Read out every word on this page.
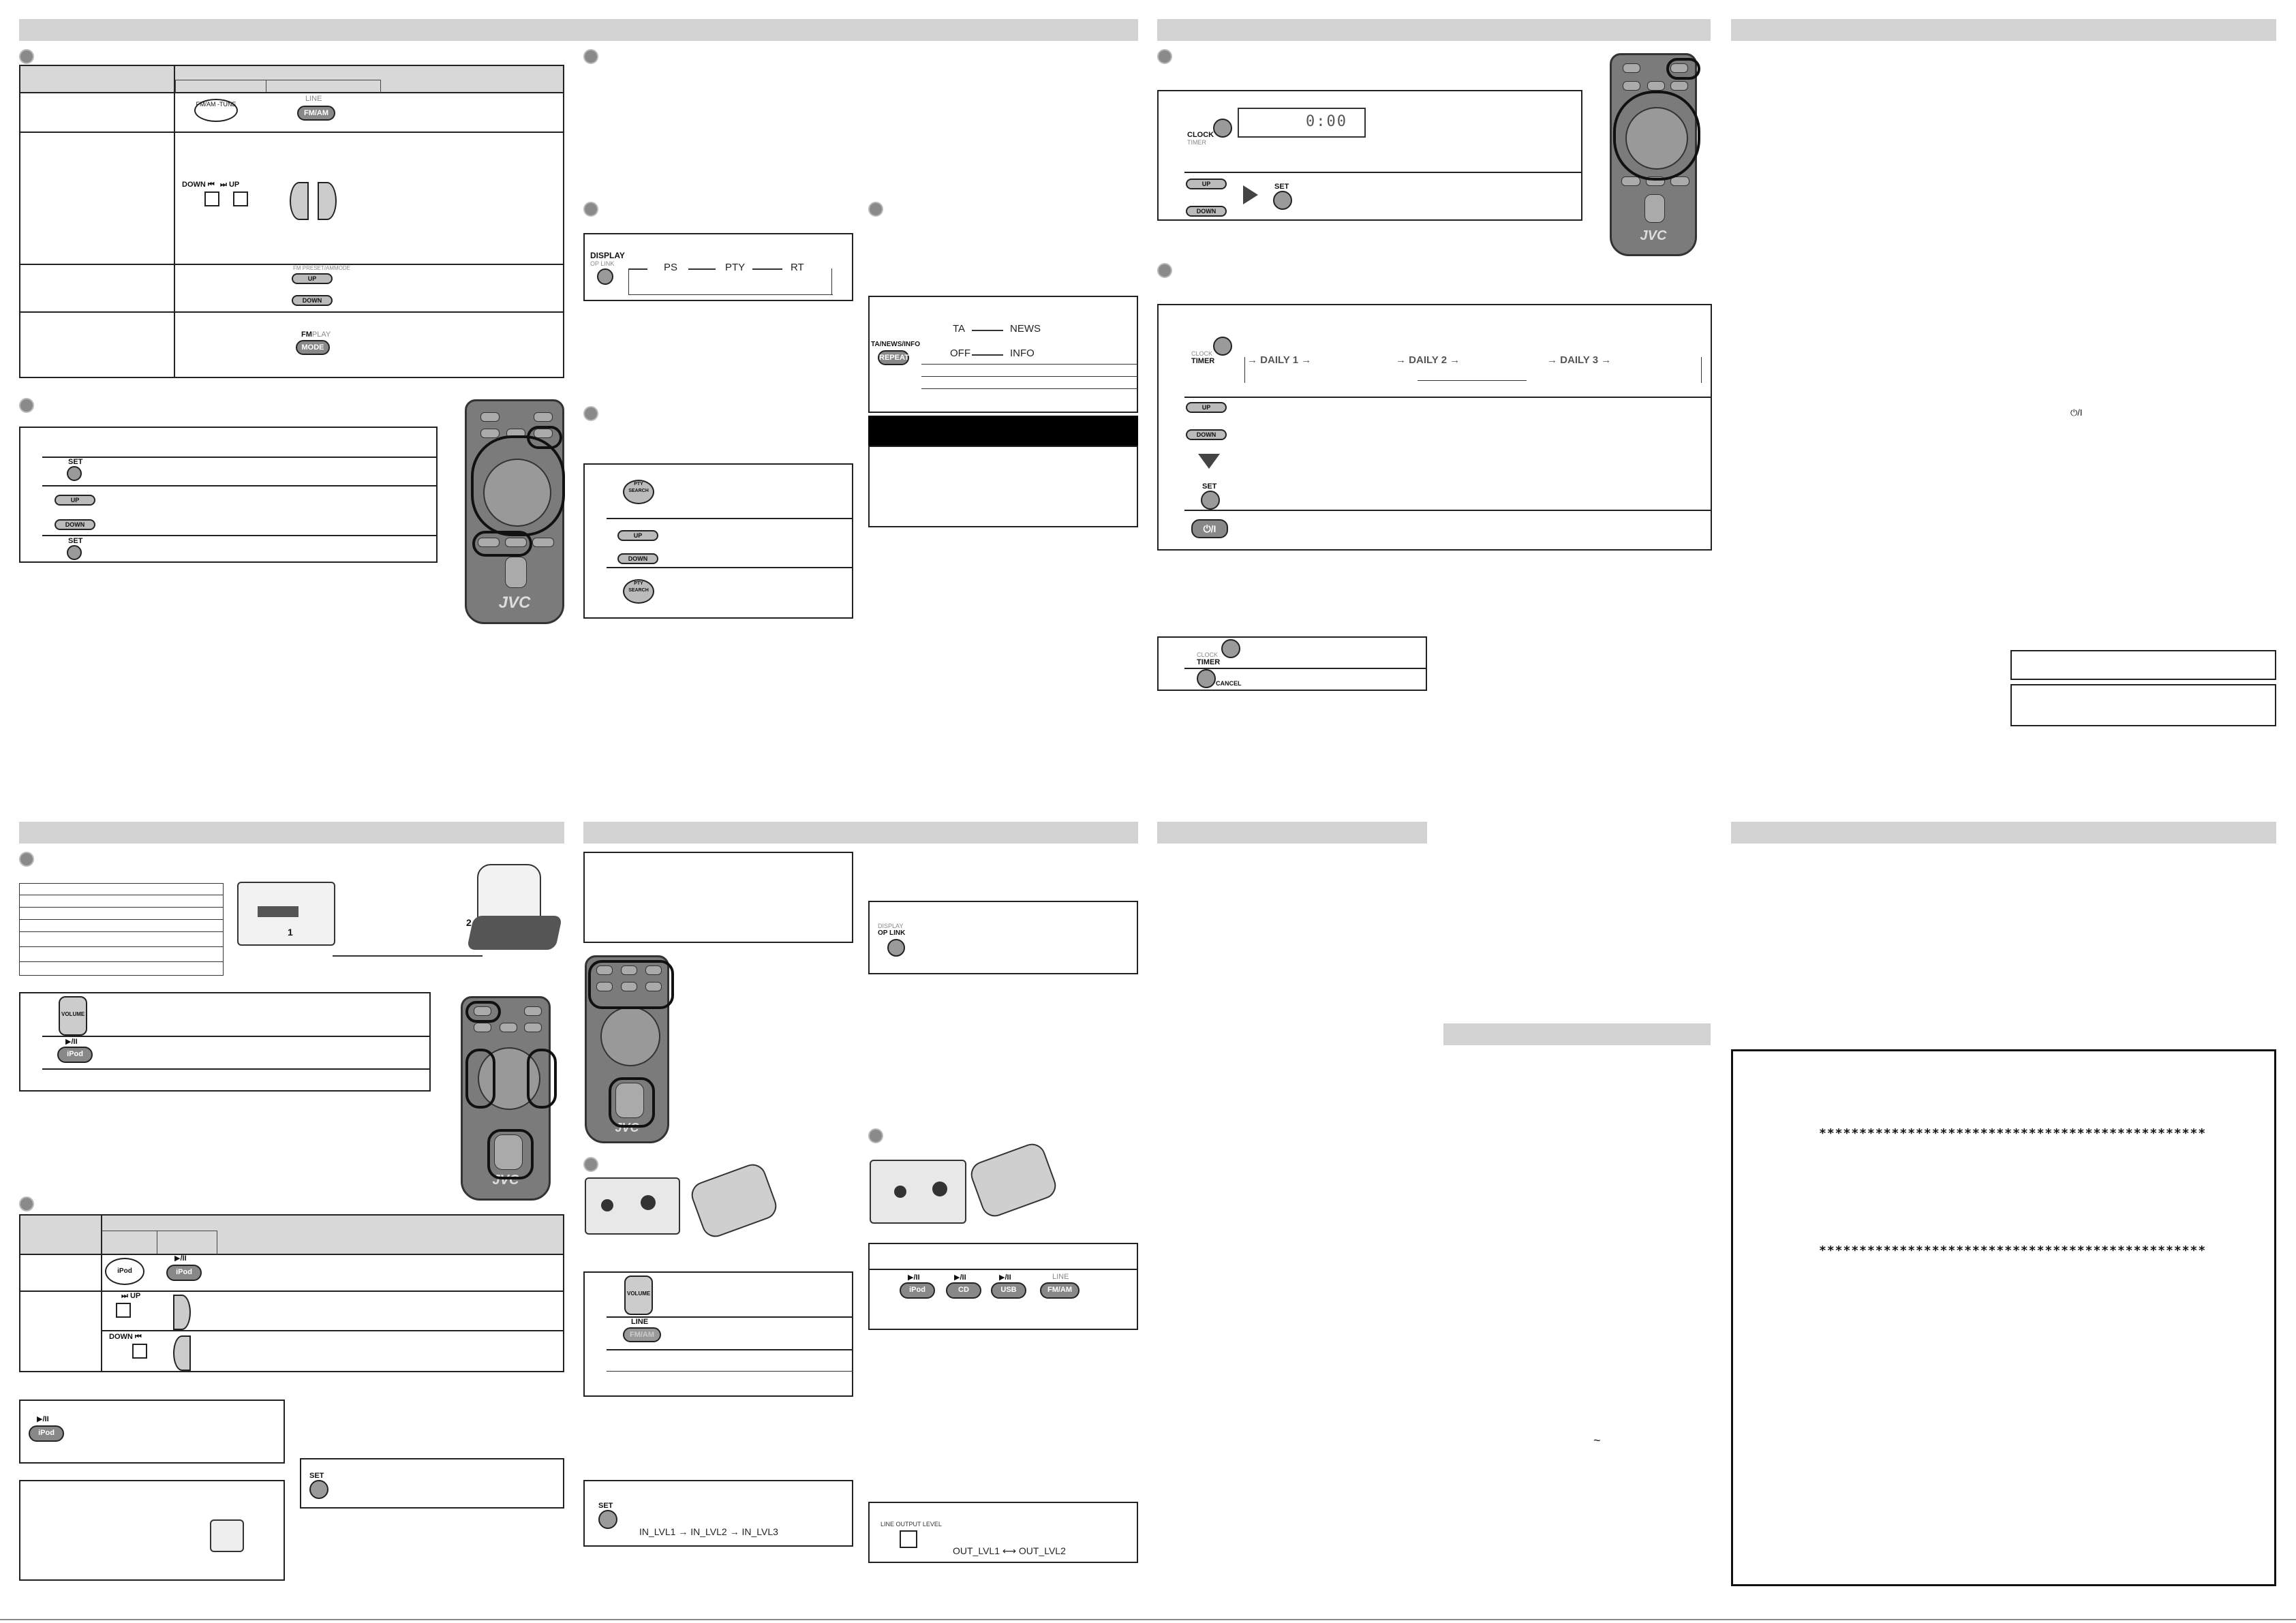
FM/AM -TUNE
LINE
FM/AM
DOWN ⏮ ⏭ UP
FM PRESET/AMMODE
UP
DOWN
FMPLAY
MODE
SET
UP
DOWN
SET
JVC
DISPLAY
OP LINK	PS	PTY	RT
PTY SEARCH
UP
DOWN
PTY SEARCH
TA/NEWS/INFO
REPEAT
TA	NEWS
OFF	INFO
CLOCK
TIMER
0:00
UP
DOWN
SET
JVC
CLOCK
TIMER	→ DAILY 1 →	→ DAILY 2 →	→ DAILY 3 →
UP
DOWN
SET
⏻/I
CLOCK
TIMER
CANCEL
⏻/I
1
2
VOLUME
▶/II
iPod
JVC
iPod
▶/II
iPod
⏭ UP
DOWN ⏮
▶/II
iPod
SET
JVC
VOLUME
LINE
FM/AM
SET
IN_LVL1 → IN_LVL2 → IN_LVL3
DISPLAY
OP LINK
▶/II
iPod
▶/II
CD
▶/II
USB
LINE
FM/AM
LINE OUTPUT LEVEL
OUT_LVL1 ⟷ OUT_LVL2
~
************************************************
************************************************
